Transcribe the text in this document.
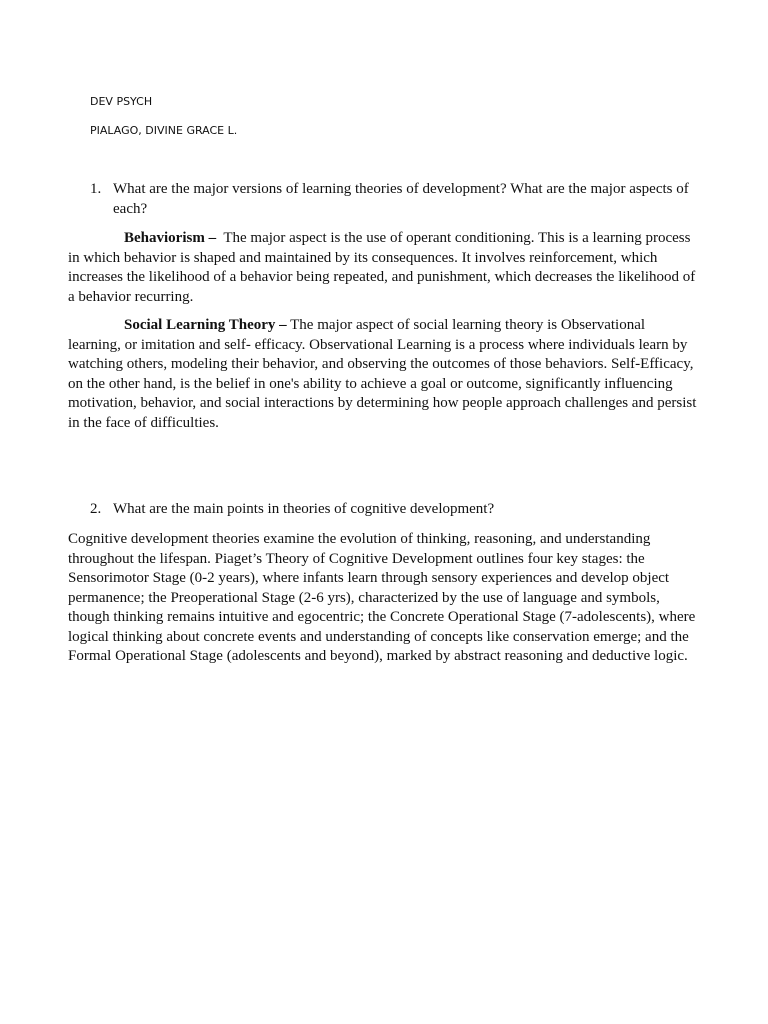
DEV PSYCH
PIALAGO, DIVINE GRACE L.
1. What are the major versions of learning theories of development? What are the major aspects of each?

Behaviorism – The major aspect is the use of operant conditioning. This is a learning process in which behavior is shaped and maintained by its consequences. It involves reinforcement, which increases the likelihood of a behavior being repeated, and punishment, which decreases the likelihood of a behavior recurring.

Social Learning Theory – The major aspect of social learning theory is Observational learning, or imitation and self- efficacy. Observational Learning is a process where individuals learn by watching others, modeling their behavior, and observing the outcomes of those behaviors. Self-Efficacy, on the other hand, is the belief in one's ability to achieve a goal or outcome, significantly influencing motivation, behavior, and social interactions by determining how people approach challenges and persist in the face of difficulties.

2. What are the main points in theories of cognitive development?

Cognitive development theories examine the evolution of thinking, reasoning, and understanding throughout the lifespan. Piaget’s Theory of Cognitive Development outlines four key stages: the Sensorimotor Stage (0-2 years), where infants learn through sensory experiences and develop object permanence; the Preoperational Stage (2-6 yrs), characterized by the use of language and symbols, though thinking remains intuitive and egocentric; the Concrete Operational Stage (7-adolescents), where logical thinking about concrete events and understanding of concepts like conservation emerge; and the Formal Operational Stage (adolescents and beyond), marked by abstract reasoning and deductive logic.
